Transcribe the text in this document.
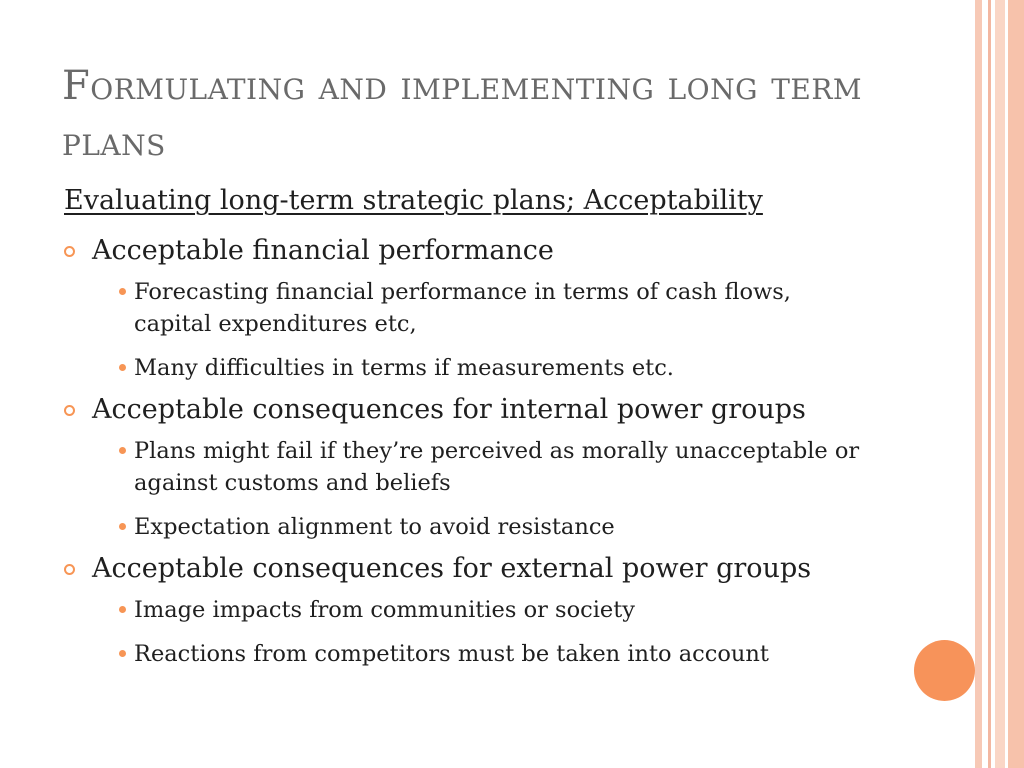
Formulating and implementing long term plans
Evaluating long-term strategic plans; Acceptability
Acceptable financial performance
Forecasting financial performance in terms of cash flows, capital expenditures etc,
Many difficulties in terms if measurements etc.
Acceptable consequences for internal power groups
Plans might fail if they’re perceived as morally unacceptable or against customs and beliefs
Expectation alignment to avoid resistance
Acceptable consequences for external power groups
Image impacts from communities or society
Reactions from competitors must be taken into account
